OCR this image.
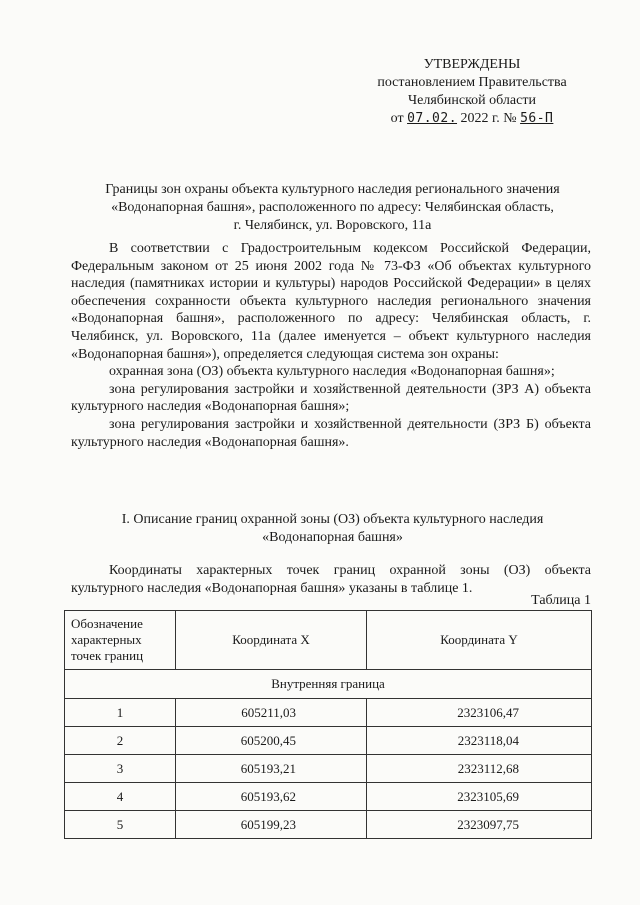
УТВЕРЖДЕНЫ
постановлением Правительства
Челябинской области
от 07.02. 2022 г. № 56-П
Границы зон охраны объекта культурного наследия регионального значения
«Водонапорная башня», расположенного по адресу: Челябинская область,
г. Челябинск, ул. Воровского, 11а

В соответствии с Градостроительным кодексом Российской Федерации, Федеральным законом от 25 июня 2002 года № 73-ФЗ «Об объектах культурного наследия (памятниках истории и культуры) народов Российской Федерации» в целях обеспечения сохранности объекта культурного наследия регионального значения «Водонапорная башня», расположенного по адресу: Челябинская область, г. Челябинск, ул. Воровского, 11а (далее именуется – объект культурного наследия «Водонапорная башня»), определяется следующая система зон охраны:

охранная зона (ОЗ) объекта культурного наследия «Водонапорная башня»;

зона регулирования застройки и хозяйственной деятельности (ЗРЗ А) объекта культурного наследия «Водонапорная башня»;

зона регулирования застройки и хозяйственной деятельности (ЗРЗ Б) объекта культурного наследия «Водонапорная башня».

I. Описание границ охранной зоны (ОЗ) объекта культурного наследия
«Водонапорная башня»

Координаты характерных точек границ охранной зоны (ОЗ) объекта культурного наследия «Водонапорная башня» указаны в таблице 1.

Таблица 1
Обозначение характерных точек границ	Координата X	Координата Y
Внутренняя граница		
1	605211,03	2323106,47
2	605200,45	2323118,04
3	605193,21	2323112,68
4	605193,62	2323105,69
5	605199,23	2323097,75
